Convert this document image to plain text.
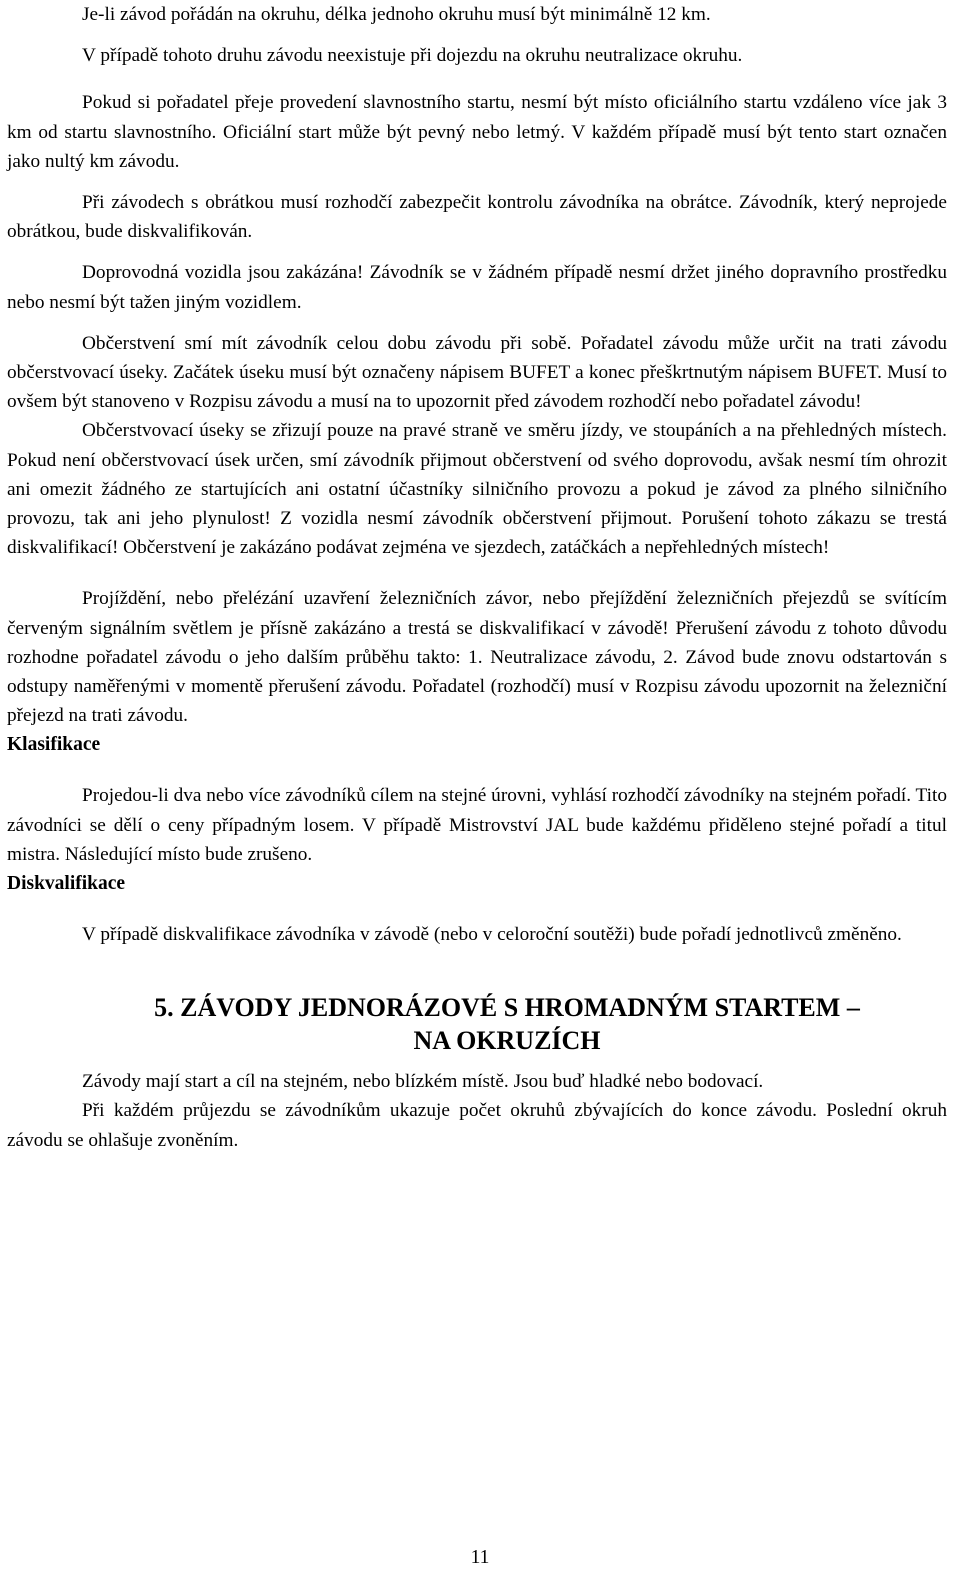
Je-li závod pořádán na okruhu, délka jednoho okruhu musí být minimálně 12 km.

V případě tohoto druhu závodu neexistuje při dojezdu na okruhu neutralizace okruhu.

Pokud si pořadatel přeje provedení slavnostního startu, nesmí být místo oficiálního startu vzdáleno více jak 3 km od startu slavnostního. Oficiální start může být pevný nebo letmý. V každém případě musí být tento start označen jako nultý km závodu.

Při závodech s obrátkou musí rozhodčí zabezpečit kontrolu závodníka na obrátce. Závodník, který neprojede obrátkou, bude diskvalifikován.

Doprovodná vozidla jsou zakázána! Závodník se v žádném případě nesmí držet jiného dopravního prostředku nebo nesmí být tažen jiným vozidlem.

Občerstvení smí mít závodník celou dobu závodu při sobě. Pořadatel závodu může určit na trati závodu občerstvovací úseky. Začátek úseku musí být označeny nápisem BUFET a konec přeškrtnutým nápisem BUFET. Musí to ovšem být stanoveno v Rozpisu závodu a musí na to upozornit před závodem rozhodčí nebo pořadatel závodu!

Občerstvovací úseky se zřizují pouze na pravé straně ve směru jízdy, ve stoupáních a na přehledných místech. Pokud není občerstvovací úsek určen, smí závodník přijmout občerstvení od svého doprovodu, avšak nesmí tím ohrozit ani omezit žádného ze startujících ani ostatní účastníky silničního provozu a pokud je závod za plného silničního provozu, tak ani jeho plynulost! Z vozidla nesmí závodník občerstvení přijmout. Porušení tohoto zákazu se trestá diskvalifikací! Občerstvení je zakázáno podávat zejména ve sjezdech, zatáčkách a nepřehledných místech!

Projíždění, nebo přelézání uzavření železničních závor, nebo přejíždění železničních přejezdů se svítícím červeným signálním světlem je přísně zakázáno a trestá se diskvalifikací v závodě! Přerušení závodu z tohoto důvodu rozhodne pořadatel závodu o jeho dalším průběhu takto: 1. Neutralizace závodu, 2. Závod bude znovu odstartován s odstupy naměřenými v momentě přerušení závodu. Pořadatel (rozhodčí) musí v Rozpisu závodu upozornit na železniční přejezd na trati závodu.

Klasifikace

Projedou-li dva nebo více závodníků cílem na stejné úrovni, vyhlásí rozhodčí závodníky na stejném pořadí. Tito závodníci se dělí o ceny případným losem. V případě Mistrovství JAL bude každému přiděleno stejné pořadí a titul mistra. Následující místo bude zrušeno.

Diskvalifikace

V případě diskvalifikace závodníka v závodě (nebo v celoroční soutěži) bude pořadí jednotlivců změněno.

5. ZÁVODY JEDNORÁZOVÉ S HROMADNÝM STARTEM –
NA OKRUZÍCH

Závody mají start a cíl na stejném, nebo blízkém místě. Jsou buď hladké nebo bodovací.

Při každém průjezdu se závodníkům ukazuje počet okruhů zbývajících do konce závodu. Poslední okruh závodu se ohlašuje zvoněním.

11
